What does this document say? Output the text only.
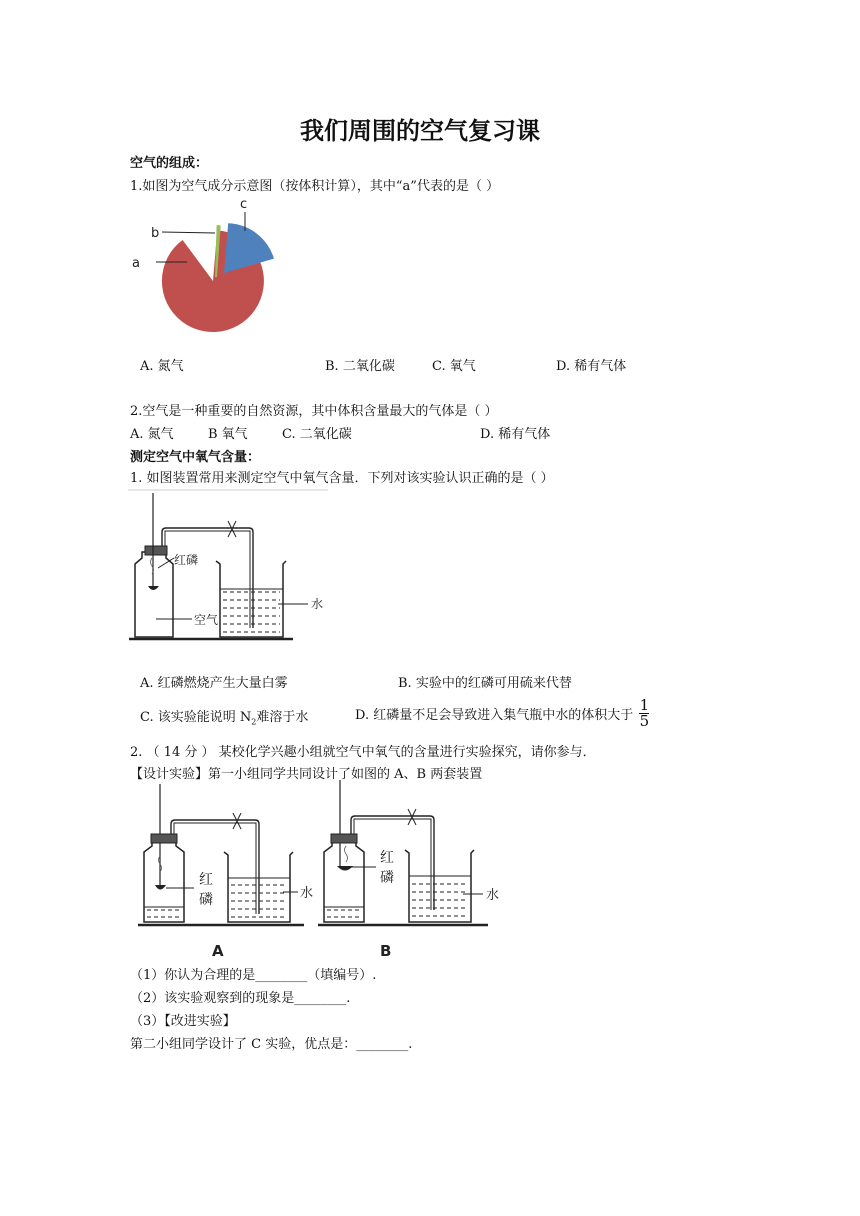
我们周围的空气复习课
空气的组成：
1.如图为空气成分示意图（按体积计算），其中“a”代表的是（ ）
a
b
c
A. 氮气	B. 二氧化碳	C. 氧气	D. 稀有气体
2.空气是一种重要的自然资源，其中体积含量最大的气体是（ ）
A. 氮气	B 氧气	C. 二氧化碳	D. 稀有气体
测定空气中氧气含量：
1. 如图装置常用来测定空气中氧气含量．下列对该实验认识正确的是（ ）
红磷
空气
水
A. 红磷燃烧产生大量白雾	B. 实验中的红磷可用硫来代替
C. 该实验能说明 $N_2$难溶于水	D. 红磷量不足会导致进入集气瓶中水的体积大于 $\frac{1}{5}$
2. （ 14 分 ） 某校化学兴趣小组就空气中氧气的含量进行实验探究，请你参与．
【设计实验】第一小组同学共同设计了如图的 A、B 两套装置
红
磷	水
A
红
磷
水
B
（1）你认为合理的是________（填编号）.
（2）该实验观察到的现象是________.
（3）【改进实验】
第二小组同学设计了 C 实验，优点是：________.
